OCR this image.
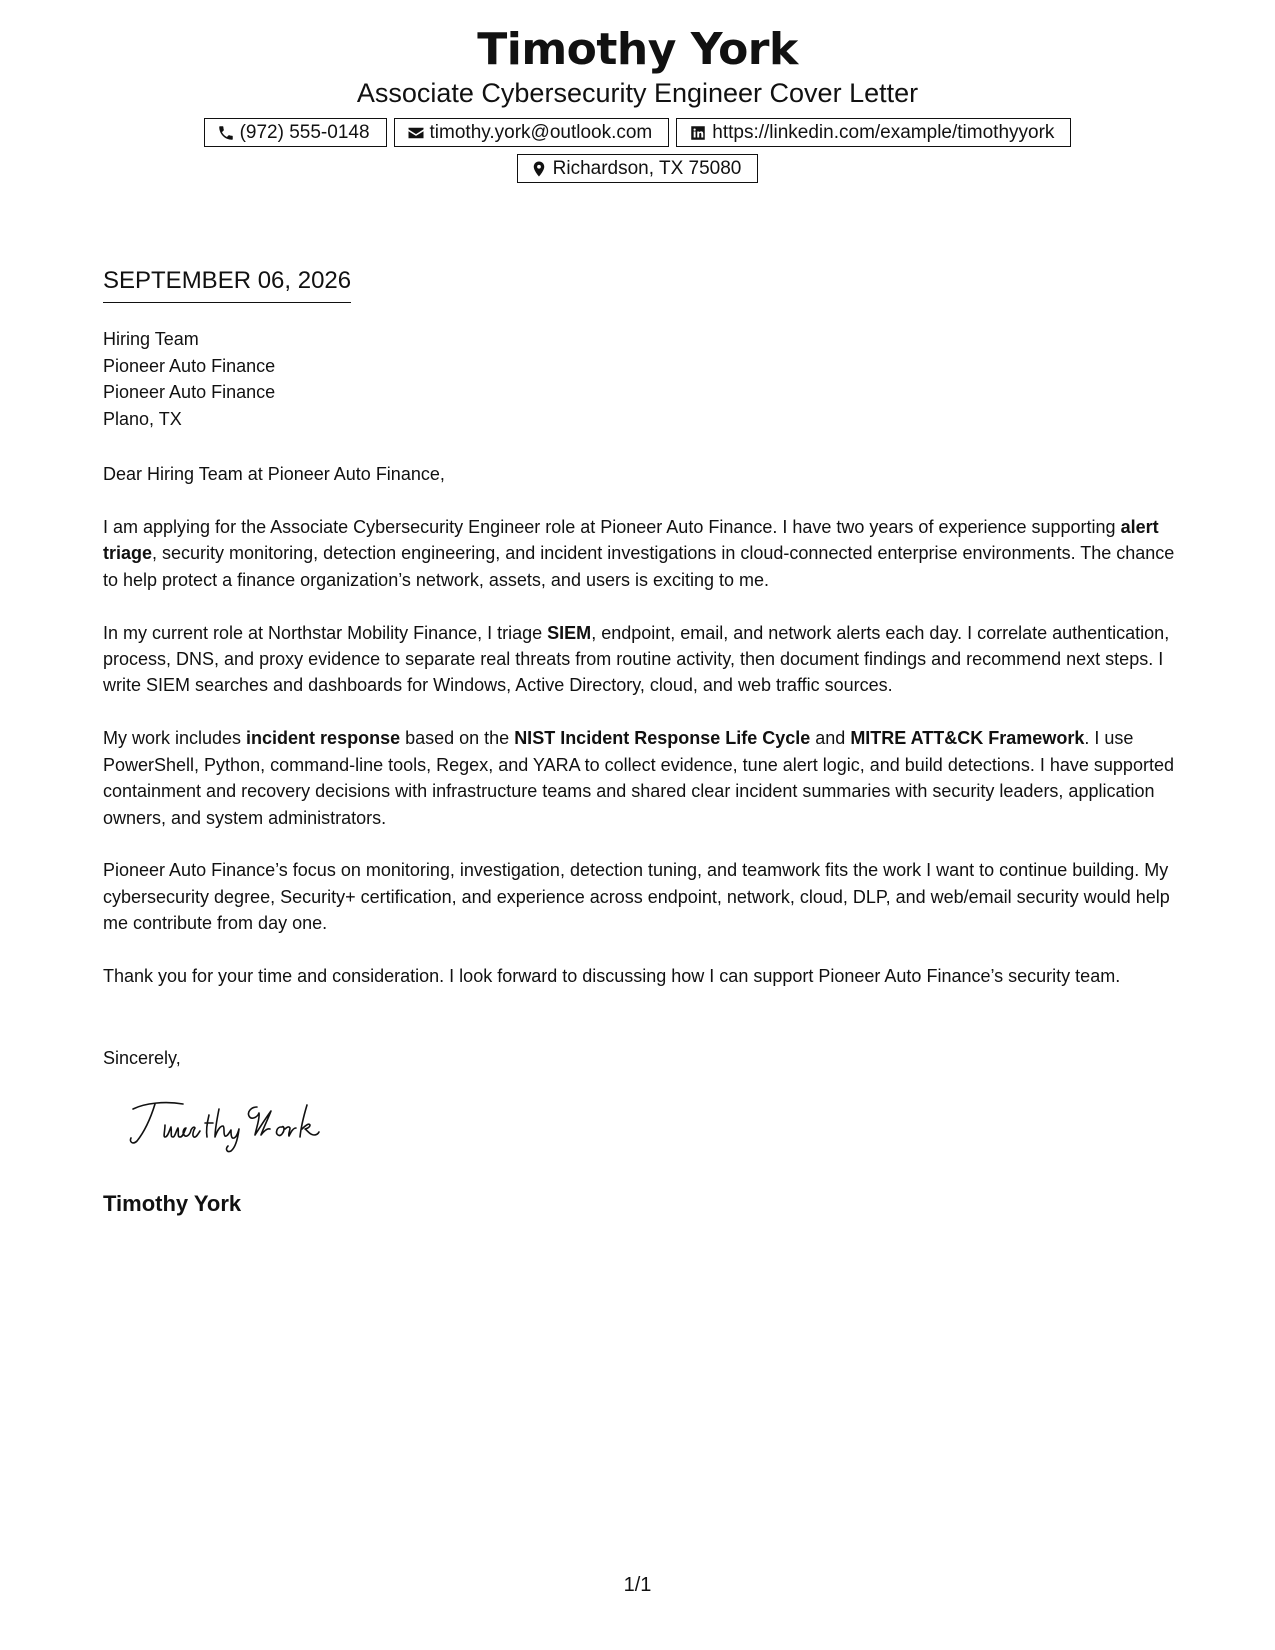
Timothy York
Associate Cybersecurity Engineer Cover Letter
(972) 555-0148	timothy.york@outlook.com	https://linkedin.com/example/timothyyork
Richardson, TX 75080
SEPTEMBER 06, 2026
Hiring Team
Pioneer Auto Finance
Pioneer Auto Finance
Plano, TX

Dear Hiring Team at Pioneer Auto Finance,

I am applying for the Associate Cybersecurity Engineer role at Pioneer Auto Finance. I have two years of experience supporting alert triage, security monitoring, detection engineering, and incident investigations in cloud-connected enterprise environments. The chance to help protect a finance organization’s network, assets, and users is exciting to me.

In my current role at Northstar Mobility Finance, I triage SIEM, endpoint, email, and network alerts each day. I correlate authentication, process, DNS, and proxy evidence to separate real threats from routine activity, then document findings and recommend next steps. I write SIEM searches and dashboards for Windows, Active Directory, cloud, and web traffic sources.

My work includes incident response based on the NIST Incident Response Life Cycle and MITRE ATT&CK Framework. I use PowerShell, Python, command-line tools, Regex, and YARA to collect evidence, tune alert logic, and build detections. I have supported containment and recovery decisions with infrastructure teams and shared clear incident summaries with security leaders, application owners, and system administrators.

Pioneer Auto Finance’s focus on monitoring, investigation, detection tuning, and teamwork fits the work I want to continue building. My cybersecurity degree, Security+ certification, and experience across endpoint, network, cloud, DLP, and web/email security would help me contribute from day one.

Thank you for your time and consideration. I look forward to discussing how I can support Pioneer Auto Finance’s security team.

Sincerely,
Timothy York
1/1
